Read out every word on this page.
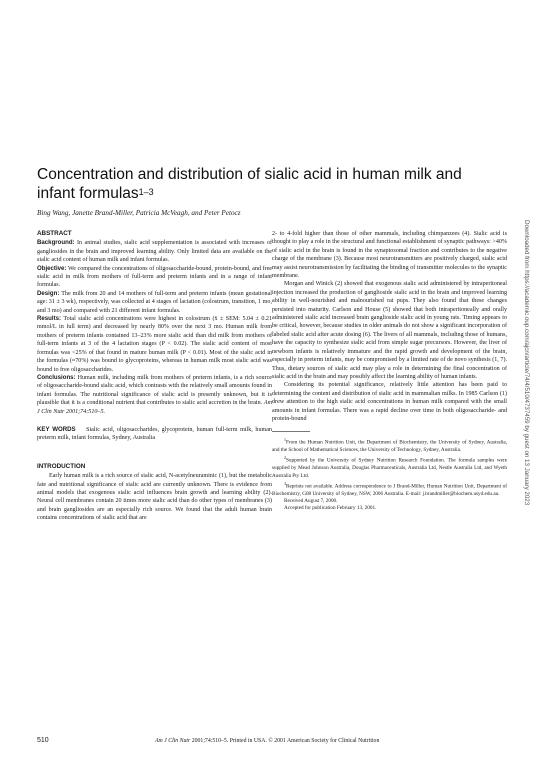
Concentration and distribution of sialic acid in human milk and infant formulas$^{1-3}$
Bing Wang, Janette Brand-Miller, Patricia McVeagh, and Peter Petocz
Downloaded from https://academic.oup.com/ajcn/article/74/4/510/4737459 by guest on 13 January 2023
ABSTRACT

Background: In animal studies, sialic acid supplementation is associated with increases of gangliosides in the brain and improved learning ability. Only limited data are available on the sialic acid content of human milk and infant formulas.

Objective: We compared the concentrations of oligosaccharide-bound, protein-bound, and free sialic acid in milk from mothers of full-term and preterm infants and in a range of infant formulas.

Design: The milk from 20 and 14 mothers of full-term and preterm infants (mean gestational age: 31 ± 3 wk), respectively, was collected at 4 stages of lactation (colostrum, transition, 1 mo, and 3 mo) and compared with 21 different infant formulas.

Results: Total sialic acid concentrations were highest in colostrum (x̄ ± SEM: 5.04 ± 0.21 mmol/L in full term) and decreased by nearly 80% over the next 3 mo. Human milk from mothers of preterm infants contained 13–23% more sialic acid than did milk from mothers of full-term infants at 3 of the 4 lactation stages (P < 0.02). The sialic acid content of most formulas was <25% of that found in mature human milk (P < 0.01). Most of the sialic acid in the formulas (≈70%) was bound to glycoproteins, whereas in human milk most sialic acid was bound to free oligosaccharides.

Conclusions: Human milk, including milk from mothers of preterm infants, is a rich source of oligosaccharide-bound sialic acid, which contrasts with the relatively small amounts found in infant formulas. The nutritional significance of sialic acid is presently unknown, but it is plausible that it is a conditional nutrient that contributes to sialic acid accretion in the brain. Am J Clin Nutr 2001;74:510–5.

KEY WORDS Sialic acid, oligosaccharides, glycoprotein, human full-term milk, human preterm milk, infant formulas, Sydney, Australia

INTRODUCTION

Early human milk is a rich source of sialic acid, N-acetylneuraminic (1), but the metabolic fate and nutritional significance of sialic acid are currently unknown. There is evidence from animal models that exogenous sialic acid influences brain growth and learning ability (2). Neural cell membranes contain 20 times more sialic acid than do other types of membranes (3) and brain gangliosides are an especially rich source. We found that the adult human brain contains concentrations of sialic acid that are

2- to 4-fold higher than those of other mammals, including chimpanzees (4). Sialic acid is thought to play a role in the structural and functional establishment of synaptic pathways: >40% of sialic acid in the brain is found in the synaptosomal fraction and contributes to the negative charge of the membrane (3). Because most neurotransmitters are positively charged, sialic acid may assist neurotransmission by facilitating the binding of transmitter molecules to the synaptic membrane.

Morgan and Winick (2) showed that exogenous sialic acid administered by intraperitoneal injection increased the production of ganglioside sialic acid in the brain and improved learning ability in well-nourished and malnourished rat pups. They also found that these changes persisted into maturity. Carlson and House (5) showed that both intraperitoneally and orally administered sialic acid increased brain ganglioside sialic acid in young rats. Timing appears to be critical, however, because studies in older animals do not show a significant incorporation of labeled sialic acid after acute dosing (6). The livers of all mammals, including those of humans, have the capacity to synthesize sialic acid from simple sugar precursors. However, the liver of newborn infants is relatively immature and the rapid growth and development of the brain, especially in preterm infants, may be compromised by a limited rate of de novo synthesis (1, 7). Thus, dietary sources of sialic acid may play a role in determining the final concentration of sialic acid in the brain and may possibly affect the learning ability of human infants.

Considering its potential significance, relatively little attention has been paid to determining the content and distribution of sialic acid in mammalian milks. In 1985 Carlson (1) drew attention to the high sialic acid concentrations in human milk compared with the small amounts in infant formulas. There was a rapid decline over time in both oligosaccharide- and protein-bound

$^1$From the Human Nutrition Unit, the Department of Biochemistry, the University of Sydney, Australia, and the School of Mathematical Sciences, the University of Technology, Sydney, Australia.

$^2$Supported by the University of Sydney Nutrition Research Foundation. The formula samples were supplied by Mead Johnson Australia, Douglas Pharmaceuticals, Australia Ltd, Nestle Australia Ltd, and Wyeth Australia Pty Ltd.

$^3$Reprints not available. Address correspondence to J Brand-Miller, Human Nutrition Unit, Department of Biochemistry, G08 University of Sydney, NSW, 2006 Australia. E-mail: j.brandmiller@biochem.usyd.edu.au.

Received August 7, 2000.

Accepted for publication February 13, 2001.

510	Am J Clin Nutr 2001;74:510–5. Printed in USA. © 2001 American Society for Clinical Nutrition
